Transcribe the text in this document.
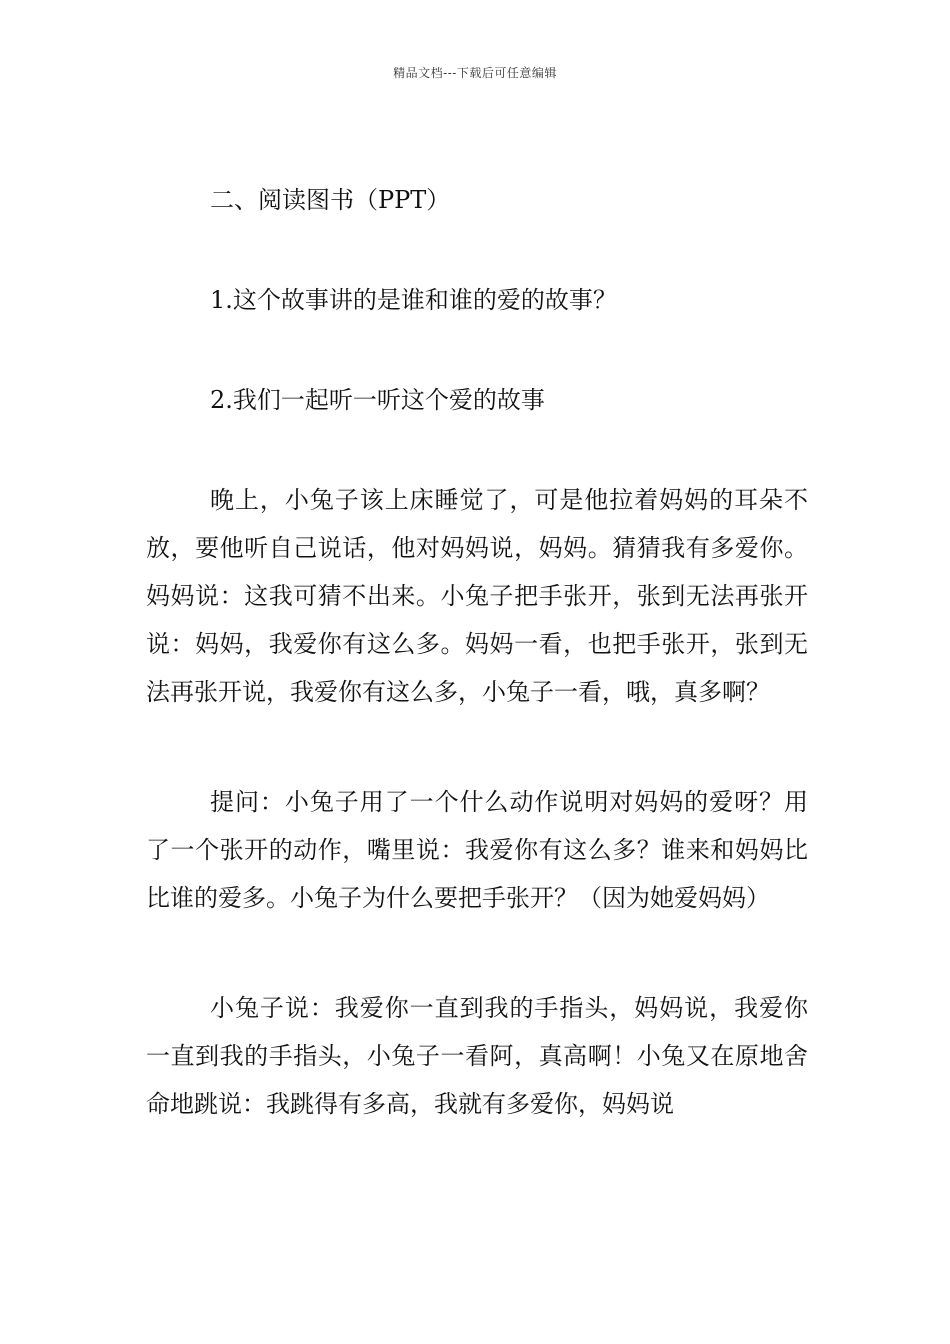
精品文档---下载后可任意编辑

二、阅读图书（PPT）

1.这个故事讲的是谁和谁的爱的故事？

2.我们一起听一听这个爱的故事

晚上，小兔子该上床睡觉了，可是他拉着妈妈的耳朵不放，要他听自己说话，他对妈妈说，妈妈。猜猜我有多爱你。妈妈说：这我可猜不出来。小兔子把手张开，张到无法再张开说：妈妈，我爱你有这么多。妈妈一看，也把手张开，张到无法再张开说，我爱你有这么多，小兔子一看，哦，真多啊？

提问：小兔子用了一个什么动作说明对妈妈的爱呀？用了一个张开的动作，嘴里说：我爱你有这么多？谁来和妈妈比比谁的爱多。小兔子为什么要把手张开？（因为她爱妈妈）

小兔子说：我爱你一直到我的手指头，妈妈说，我爱你一直到我的手指头，小兔子一看阿，真高啊！小兔又在原地舍命地跳说：我跳得有多高，我就有多爱你，妈妈说
